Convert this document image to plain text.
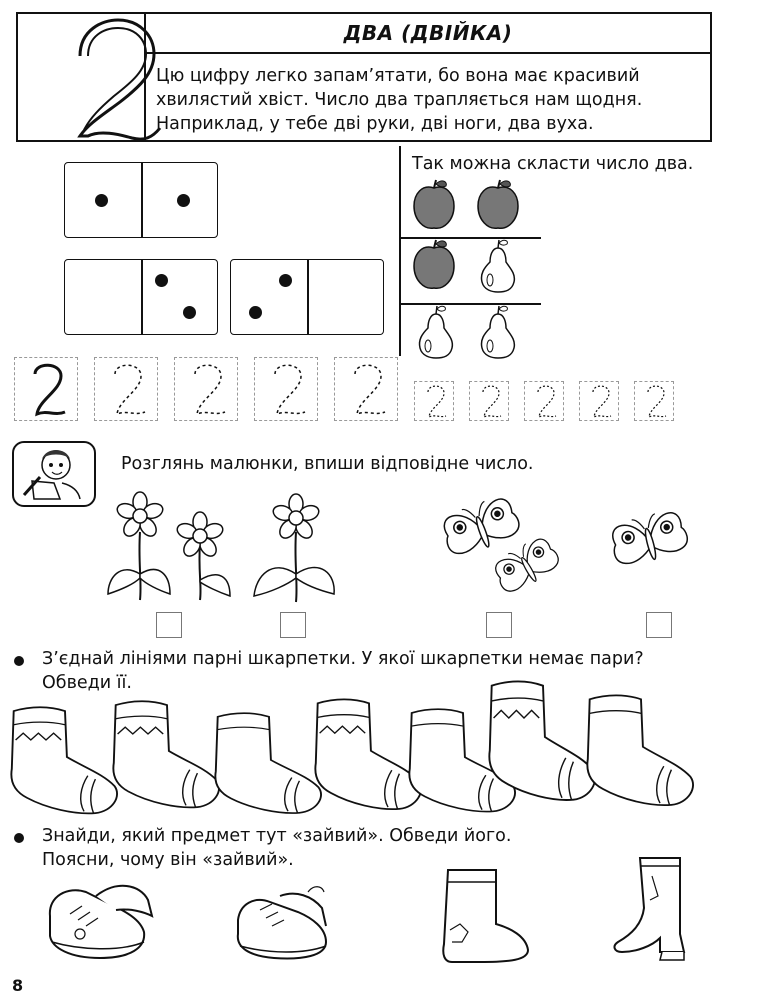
ДВА (ДВІЙКА)
Цю цифру легко запам’ятати, бо вона має красивий
хвилястий хвіст. Число два трапляється нам щодня.
Наприклад, у тебе дві руки, дві ноги, два вуха.
2
Так можна скласти число два.
Розглянь малюнки, впиши відповідне число.
З’єднай лініями парні шкарпетки. У якої шкарпетки немає пари?
Обведи її.
Знайди, який предмет тут «зайвий». Обведи його.
Поясни, чому він «зайвий».
8
